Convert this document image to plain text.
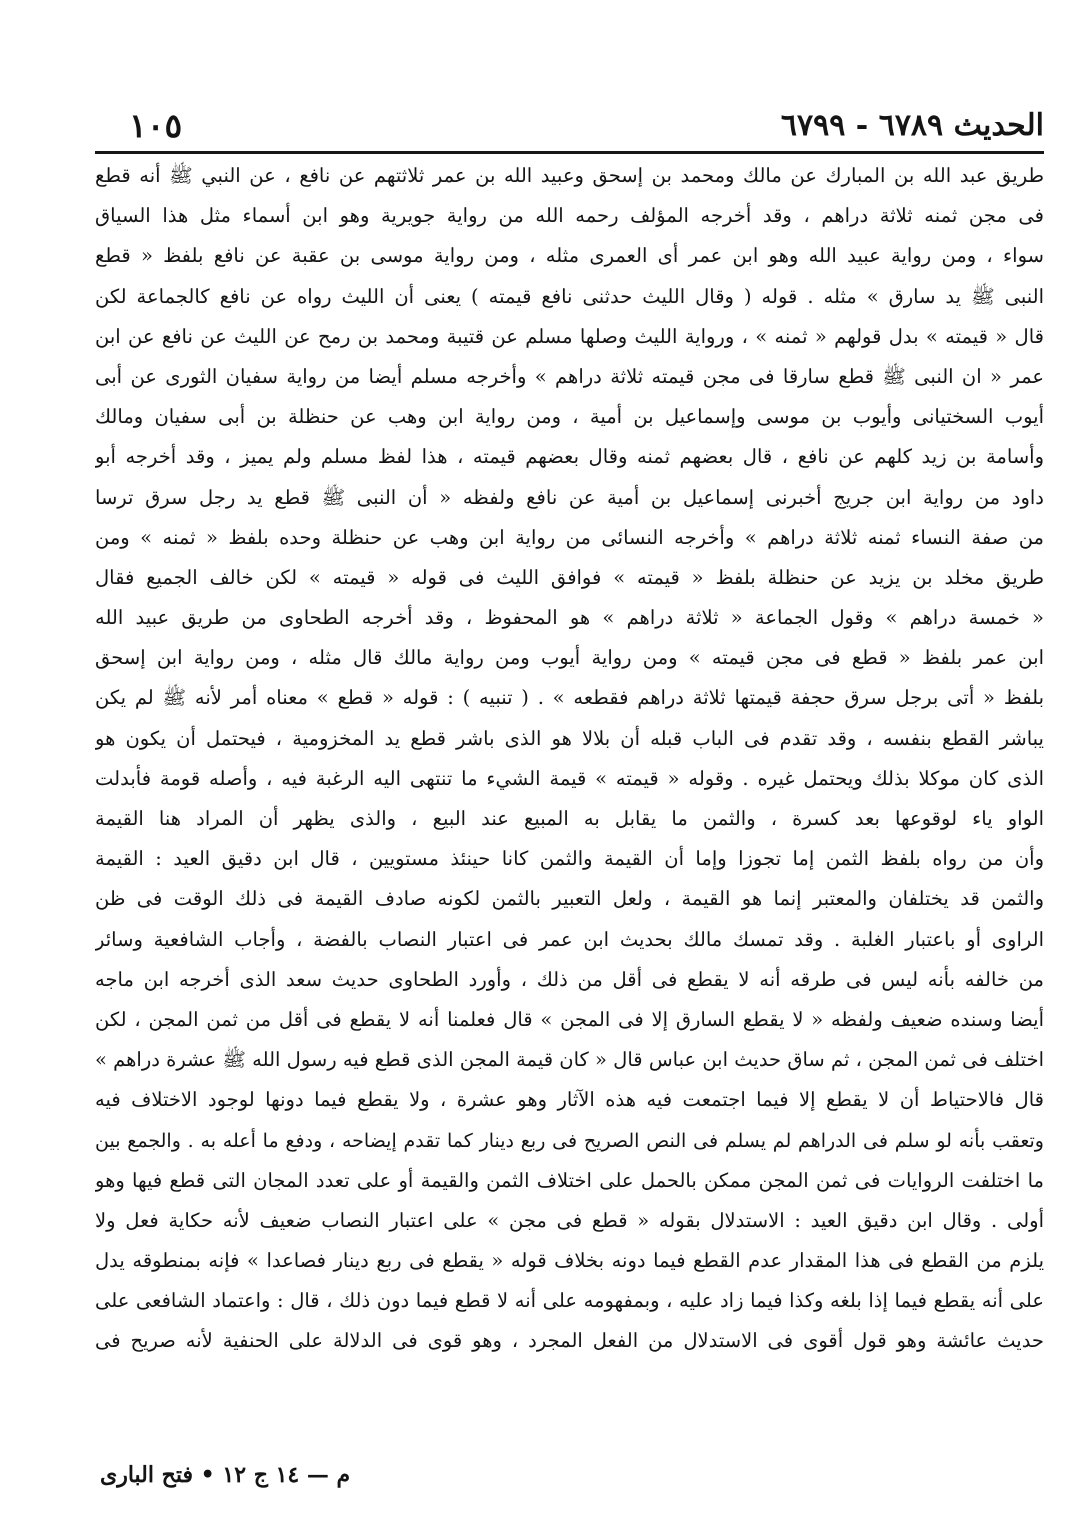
الحديث ٦٧٨٩ - ٦٧٩٩
١٠٥
طريق عبد الله بن المبارك عن مالك ومحمد بن إسحق وعبيد الله بن عمر ثلاثتهم عن نافع ، عن النبي ﷺ أنه قطع
فى مجن ثمنه ثلاثة دراهم ، وقد أخرجه المؤلف رحمه الله من رواية جويرية وهو ابن أسماء مثل هذا السياق
سواء ، ومن رواية عبيد الله وهو ابن عمر أى العمرى مثله ، ومن رواية موسى بن عقبة عن نافع بلفظ « قطع
النبى ﷺ يد سارق » مثله . قوله ( وقال الليث حدثنى نافع قيمته ) يعنى أن الليث رواه عن نافع كالجماعة لكن
قال « قيمته » بدل قولهم « ثمنه » ، ورواية الليث وصلها مسلم عن قتيبة ومحمد بن رمح عن الليث عن نافع عن ابن
عمر « ان النبى ﷺ قطع سارقا فى مجن قيمته ثلاثة دراهم » وأخرجه مسلم أيضا من رواية سفيان الثورى عن أبى
أيوب السختيانى وأيوب بن موسى وإسماعيل بن أمية ، ومن رواية ابن وهب عن حنظلة بن أبى سفيان ومالك
وأسامة بن زيد كلهم عن نافع ، قال بعضهم ثمنه وقال بعضهم قيمته ، هذا لفظ مسلم ولم يميز ، وقد أخرجه أبو
داود من رواية ابن جريج أخبرنى إسماعيل بن أمية عن نافع ولفظه « أن النبى ﷺ قطع يد رجل سرق ترسا
من صفة النساء ثمنه ثلاثة دراهم » وأخرجه النسائى من رواية ابن وهب عن حنظلة وحده بلفظ « ثمنه » ومن
طريق مخلد بن يزيد عن حنظلة بلفظ « قيمته » فوافق الليث فى قوله « قيمته » لكن خالف الجميع فقال
« خمسة دراهم » وقول الجماعة « ثلاثة دراهم » هو المحفوظ ، وقد أخرجه الطحاوى من طريق عبيد الله
ابن عمر بلفظ « قطع فى مجن قيمته » ومن رواية أيوب ومن رواية مالك قال مثله ، ومن رواية ابن إسحق
بلفظ « أتى برجل سرق حجفة قيمتها ثلاثة دراهم فقطعه » . ( تنبيه ) : قوله « قطع » معناه أمر لأنه ﷺ لم يكن
يباشر القطع بنفسه ، وقد تقدم فى الباب قبله أن بلالا هو الذى باشر قطع يد المخزومية ، فيحتمل أن يكون هو
الذى كان موكلا بذلك ويحتمل غيره . وقوله « قيمته » قيمة الشيء ما تنتهى اليه الرغبة فيه ، وأصله قومة فأبدلت
الواو ياء لوقوعها بعد كسرة ، والثمن ما يقابل به المبيع عند البيع ، والذى يظهر أن المراد هنا القيمة
وأن من رواه بلفظ الثمن إما تجوزا وإما أن القيمة والثمن كانا حينئذ مستويين ، قال ابن دقيق العيد : القيمة
والثمن قد يختلفان والمعتبر إنما هو القيمة ، ولعل التعبير بالثمن لكونه صادف القيمة فى ذلك الوقت فى ظن
الراوى أو باعتبار الغلبة . وقد تمسك مالك بحديث ابن عمر فى اعتبار النصاب بالفضة ، وأجاب الشافعية وسائر
من خالفه بأنه ليس فى طرقه أنه لا يقطع فى أقل من ذلك ، وأورد الطحاوى حديث سعد الذى أخرجه ابن ماجه
أيضا وسنده ضعيف ولفظه « لا يقطع السارق إلا فى المجن » قال فعلمنا أنه لا يقطع فى أقل من ثمن المجن ، لكن
اختلف فى ثمن المجن ، ثم ساق حديث ابن عباس قال « كان قيمة المجن الذى قطع فيه رسول الله ﷺ عشرة دراهم »
قال فالاحتياط أن لا يقطع إلا فيما اجتمعت فيه هذه الآثار وهو عشرة ، ولا يقطع فيما دونها لوجود الاختلاف فيه
وتعقب بأنه لو سلم فى الدراهم لم يسلم فى النص الصريح فى ربع دينار كما تقدم إيضاحه ، ودفع ما أعله به . والجمع بين
ما اختلفت الروايات فى ثمن المجن ممكن بالحمل على اختلاف الثمن والقيمة أو على تعدد المجان التى قطع فيها وهو
أولى . وقال ابن دقيق العيد : الاستدلال بقوله « قطع فى مجن » على اعتبار النصاب ضعيف لأنه حكاية فعل ولا
يلزم من القطع فى هذا المقدار عدم القطع فيما دونه بخلاف قوله « يقطع فى ربع دينار فصاعدا » فإنه بمنطوقه يدل
على أنه يقطع فيما إذا بلغه وكذا فيما زاد عليه ، وبمفهومه على أنه لا قطع فيما دون ذلك ، قال : واعتماد الشافعى على
حديث عائشة وهو قول أقوى فى الاستدلال من الفعل المجرد ، وهو قوى فى الدلالة على الحنفية لأنه صريح فى
م — ١٤ ج ١٢ • فتح البارى
